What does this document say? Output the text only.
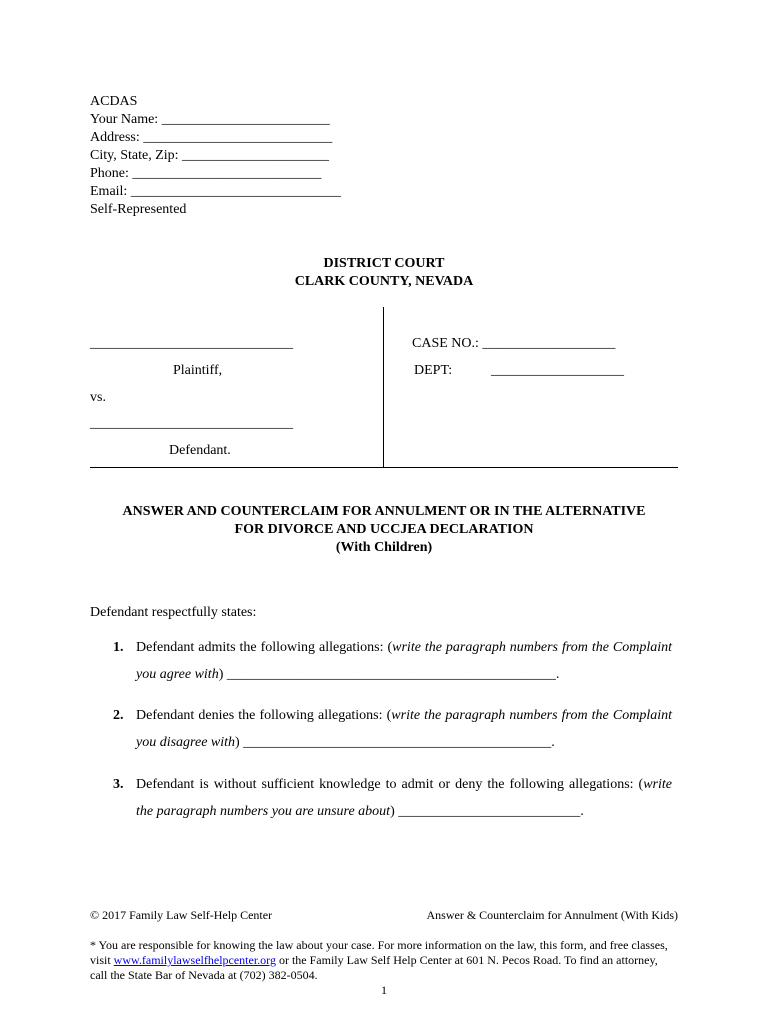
ACDAS
Your Name: ________________________
Address: ___________________________
City, State, Zip: _____________________
Phone: ___________________________
Email: ______________________________
Self-Represented
DISTRICT COURT
CLARK COUNTY, NEVADA
_____________________________
Plaintiff,
vs.
_____________________________
Defendant.
CASE NO.: ___________________
DEPT:	___________________
ANSWER AND COUNTERCLAIM FOR ANNULMENT OR IN THE ALTERNATIVE
FOR DIVORCE AND UCCJEA DECLARATION
(With Children)
Defendant respectfully states:
1. Defendant admits the following allegations: (write the paragraph numbers from the Complaint you agree with) _______________________________________________.
2. Defendant denies the following allegations: (write the paragraph numbers from the Complaint you disagree with) ____________________________________________.
3. Defendant is without sufficient knowledge to admit or deny the following allegations: (write the paragraph numbers you are unsure about) __________________________.
© 2017 Family Law Self-Help Center	Answer & Counterclaim for Annulment (With Kids)
* You are responsible for knowing the law about your case. For more information on the law, this form, and free classes, visit www.familylawselfhelpcenter.org or the Family Law Self Help Center at 601 N. Pecos Road. To find an attorney, call the State Bar of Nevada at (702) 382-0504.
1
